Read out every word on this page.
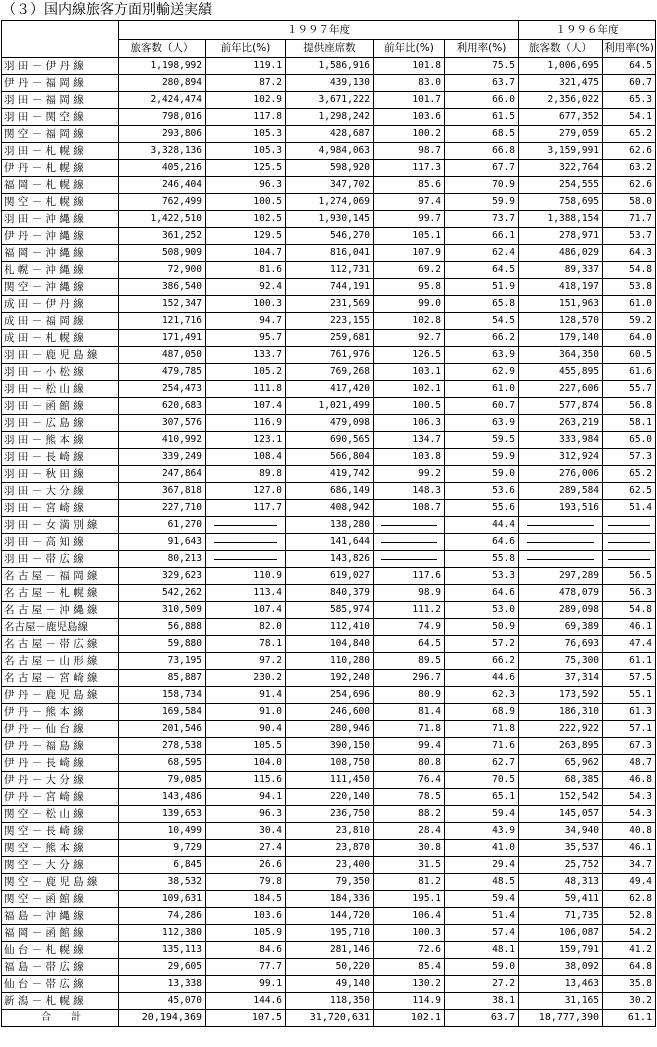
（３）国内線旅客方面別輸送実績
	１９９７年度					１９９６年度	
	旅客数（人）	前年比(%)	提供座席数	前年比(%)	利用率(%)	旅客数（人）	利用率(%)
羽 田 － 伊 丹 線	1,198,992	119.1	1,586,916	101.8	75.5	1,006,695	64.5
伊 丹 － 福 岡 線	280,894	87.2	439,130	83.0	63.7	321,475	60.7
羽 田 － 福 岡 線	2,424,474	102.9	3,671,222	101.7	66.0	2,356,022	65.3
羽 田 － 関 空 線	798,016	117.8	1,298,242	103.6	61.5	677,352	54.1
関 空 － 福 岡 線	293,806	105.3	428,687	100.2	68.5	279,059	65.2
羽 田 － 札 幌 線	3,328,136	105.3	4,984,063	98.7	66.8	3,159,991	62.6
伊 丹 － 札 幌 線	405,216	125.5	598,920	117.3	67.7	322,764	63.2
福 岡 － 札 幌 線	246,404	96.3	347,702	85.6	70.9	254,555	62.6
関 空 － 札 幌 線	762,499	100.5	1,274,069	97.4	59.9	758,695	58.0
羽 田 － 沖 縄 線	1,422,510	102.5	1,930,145	99.7	73.7	1,388,154	71.7
伊 丹 － 沖 縄 線	361,252	129.5	546,270	105.1	66.1	278,971	53.7
福 岡 － 沖 縄 線	508,909	104.7	816,041	107.9	62.4	486,029	64.3
札 幌 － 沖 縄 線	72,900	81.6	112,731	69.2	64.5	89,337	54.8
関 空 － 沖 縄 線	386,540	92.4	744,191	95.8	51.9	418,197	53.8
成 田 － 伊 丹 線	152,347	100.3	231,569	99.0	65.8	151,963	61.0
成 田 － 福 岡 線	121,716	94.7	223,155	102.8	54.5	128,570	59.2
成 田 － 札 幌 線	171,491	95.7	259,681	92.7	66.2	179,140	64.0
羽 田 － 鹿 児 島 線	487,050	133.7	761,976	126.5	63.9	364,350	60.5
羽 田 － 小 松 線	479,785	105.2	769,268	103.1	62.9	455,895	61.6
羽 田 － 松 山 線	254,473	111.8	417,420	102.1	61.0	227,606	55.7
羽 田 － 函 館 線	620,683	107.4	1,021,499	100.5	60.7	577,874	56.8
羽 田 － 広 島 線	307,576	116.9	479,098	106.3	63.9	263,219	58.1
羽 田 － 熊 本 線	410,992	123.1	690,565	134.7	59.5	333,984	65.0
羽 田 － 長 崎 線	339,249	108.4	566,804	103.8	59.9	312,924	57.3
羽 田 － 秋 田 線	247,864	89.8	419,742	99.2	59.0	276,006	65.2
羽 田 － 大 分 線	367,818	127.0	686,149	148.3	53.6	289,584	62.5
羽 田 － 宮 崎 線	227,710	117.7	408,942	108.7	55.6	193,516	51.4
羽 田 － 女 満 別 線	61,270		138,280		44.4	

羽 田 － 高 知 線	91,643		141,644		64.6	

羽 田 － 帯 広 線	80,213		143,826		55.8	

名 古 屋 － 福 岡 線	329,623	110.9	619,027	117.6	53.3	297,289	56.5
名 古 屋 － 札 幌 線	542,262	113.4	840,379	98.9	64.6	478,079	56.3
名 古 屋 － 沖 縄 線	310,509	107.4	585,974	111.2	53.0	289,098	54.8
名古屋－鹿児島線	56,888	82.0	112,410	74.9	50.9	69,389	46.1
名 古 屋 － 帯 広 線	59,880	78.1	104,840	64.5	57.2	76,693	47.4
名 古 屋 － 山 形 線	73,195	97.2	110,280	89.5	66.2	75,300	61.1
名 古 屋 － 宮 崎 線	85,887	230.2	192,240	296.7	44.6	37,314	57.5
伊 丹 － 鹿 児 島 線	158,734	91.4	254,696	80.9	62.3	173,592	55.1
伊 丹 － 熊 本 線	169,584	91.0	246,600	81.4	68.9	186,310	61.3
伊 丹 － 仙 台 線	201,546	90.4	280,946	71.8	71.8	222,922	57.1
伊 丹 － 福 島 線	278,538	105.5	390,150	99.4	71.6	263,895	67.3
伊 丹 － 長 崎 線	68,595	104.0	108,750	80.8	62.7	65,962	48.7
伊 丹 － 大 分 線	79,085	115.6	111,450	76.4	70.5	68,385	46.8
伊 丹 － 宮 崎 線	143,486	94.1	220,140	78.5	65.1	152,542	54.3
関 空 － 松 山 線	139,653	96.3	236,750	88.2	59.4	145,057	54.3
関 空 － 長 崎 線	10,499	30.4	23,810	28.4	43.9	34,940	40.8
関 空 － 熊 本 線	9,729	27.4	23,870	30.8	41.0	35,537	46.1
関 空 － 大 分 線	6,845	26.6	23,400	31.5	29.4	25,752	34.7
関 空 － 鹿 児 島 線	38,532	79.8	79,350	81.2	48.5	48,313	49.4
関 空 － 函 館 線	109,631	184.5	184,336	195.1	59.4	59,411	62.8
福 島 － 沖 縄 線	74,286	103.6	144,720	106.4	51.4	71,735	52.8
福 岡 － 函 館 線	112,380	105.9	195,710	100.3	57.4	106,087	54.2
仙 台 － 札 幌 線	135,113	84.6	281,146	72.6	48.1	159,791	41.2
福 島 － 帯 広 線	29,605	77.7	50,220	85.4	59.0	38,092	64.8
仙 台 － 帯 広 線	13,338	99.1	49,140	130.2	27.2	13,463	35.8
新 潟 － 札 幌 線	45,070	144.6	118,350	114.9	38.1	31,165	30.2
合　　計	20,194,369	107.5	31,720,631	102.1	63.7	18,777,390	61.1
